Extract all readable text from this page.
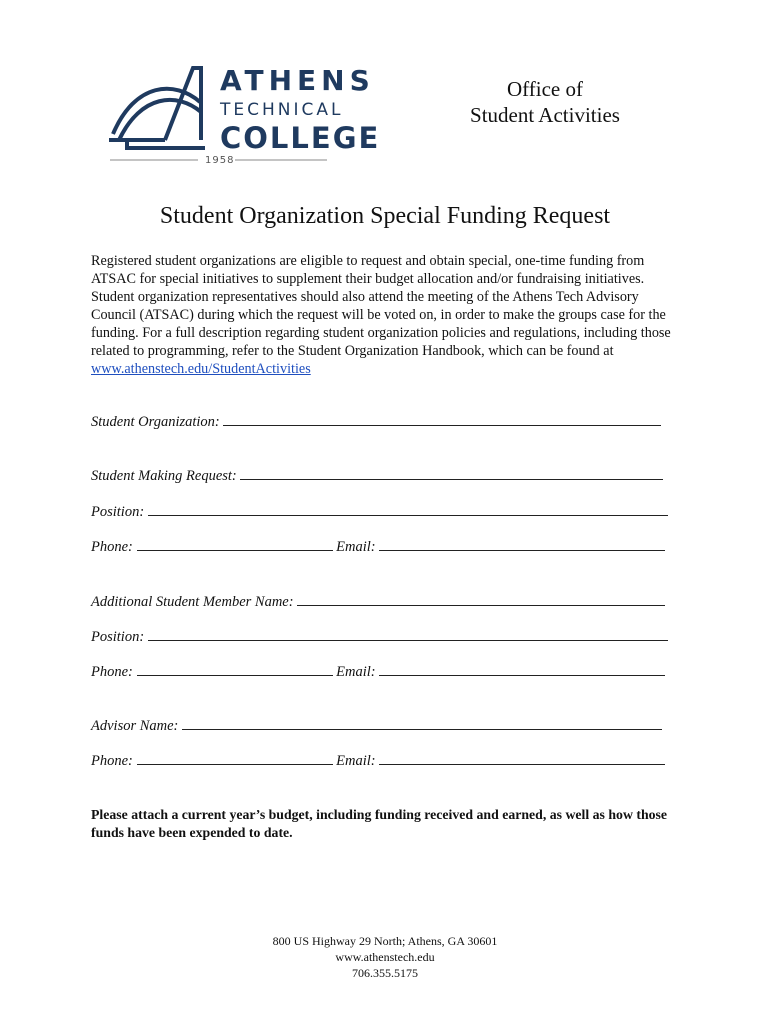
ATHENS
TECHNICAL
COLLEGE
1958
Office of
Student Activities
Student Organization Special Funding Request
Registered student organizations are eligible to request and obtain special, one-time funding from ATSAC for special initiatives to supplement their budget allocation and/or fundraising initiatives. Student organization representatives should also attend the meeting of the Athens Tech Advisory Council (ATSAC) during which the request will be voted on, in order to make the groups case for the funding. For a full description regarding student organization policies and regulations, including those related to programming, refer to the Student Organization Handbook, which can be found at www.athenstech.edu/StudentActivities
Student Organization:
Student Making Request:
Position:
Phone:	Email:
Additional Student Member Name:
Position:
Phone:	Email:
Advisor Name:
Phone:	Email:
Please attach a current year’s budget, including funding received and earned, as well as how those funds have been expended to date.
800 US Highway 29 North; Athens, GA 30601
www.athenstech.edu
706.355.5175
